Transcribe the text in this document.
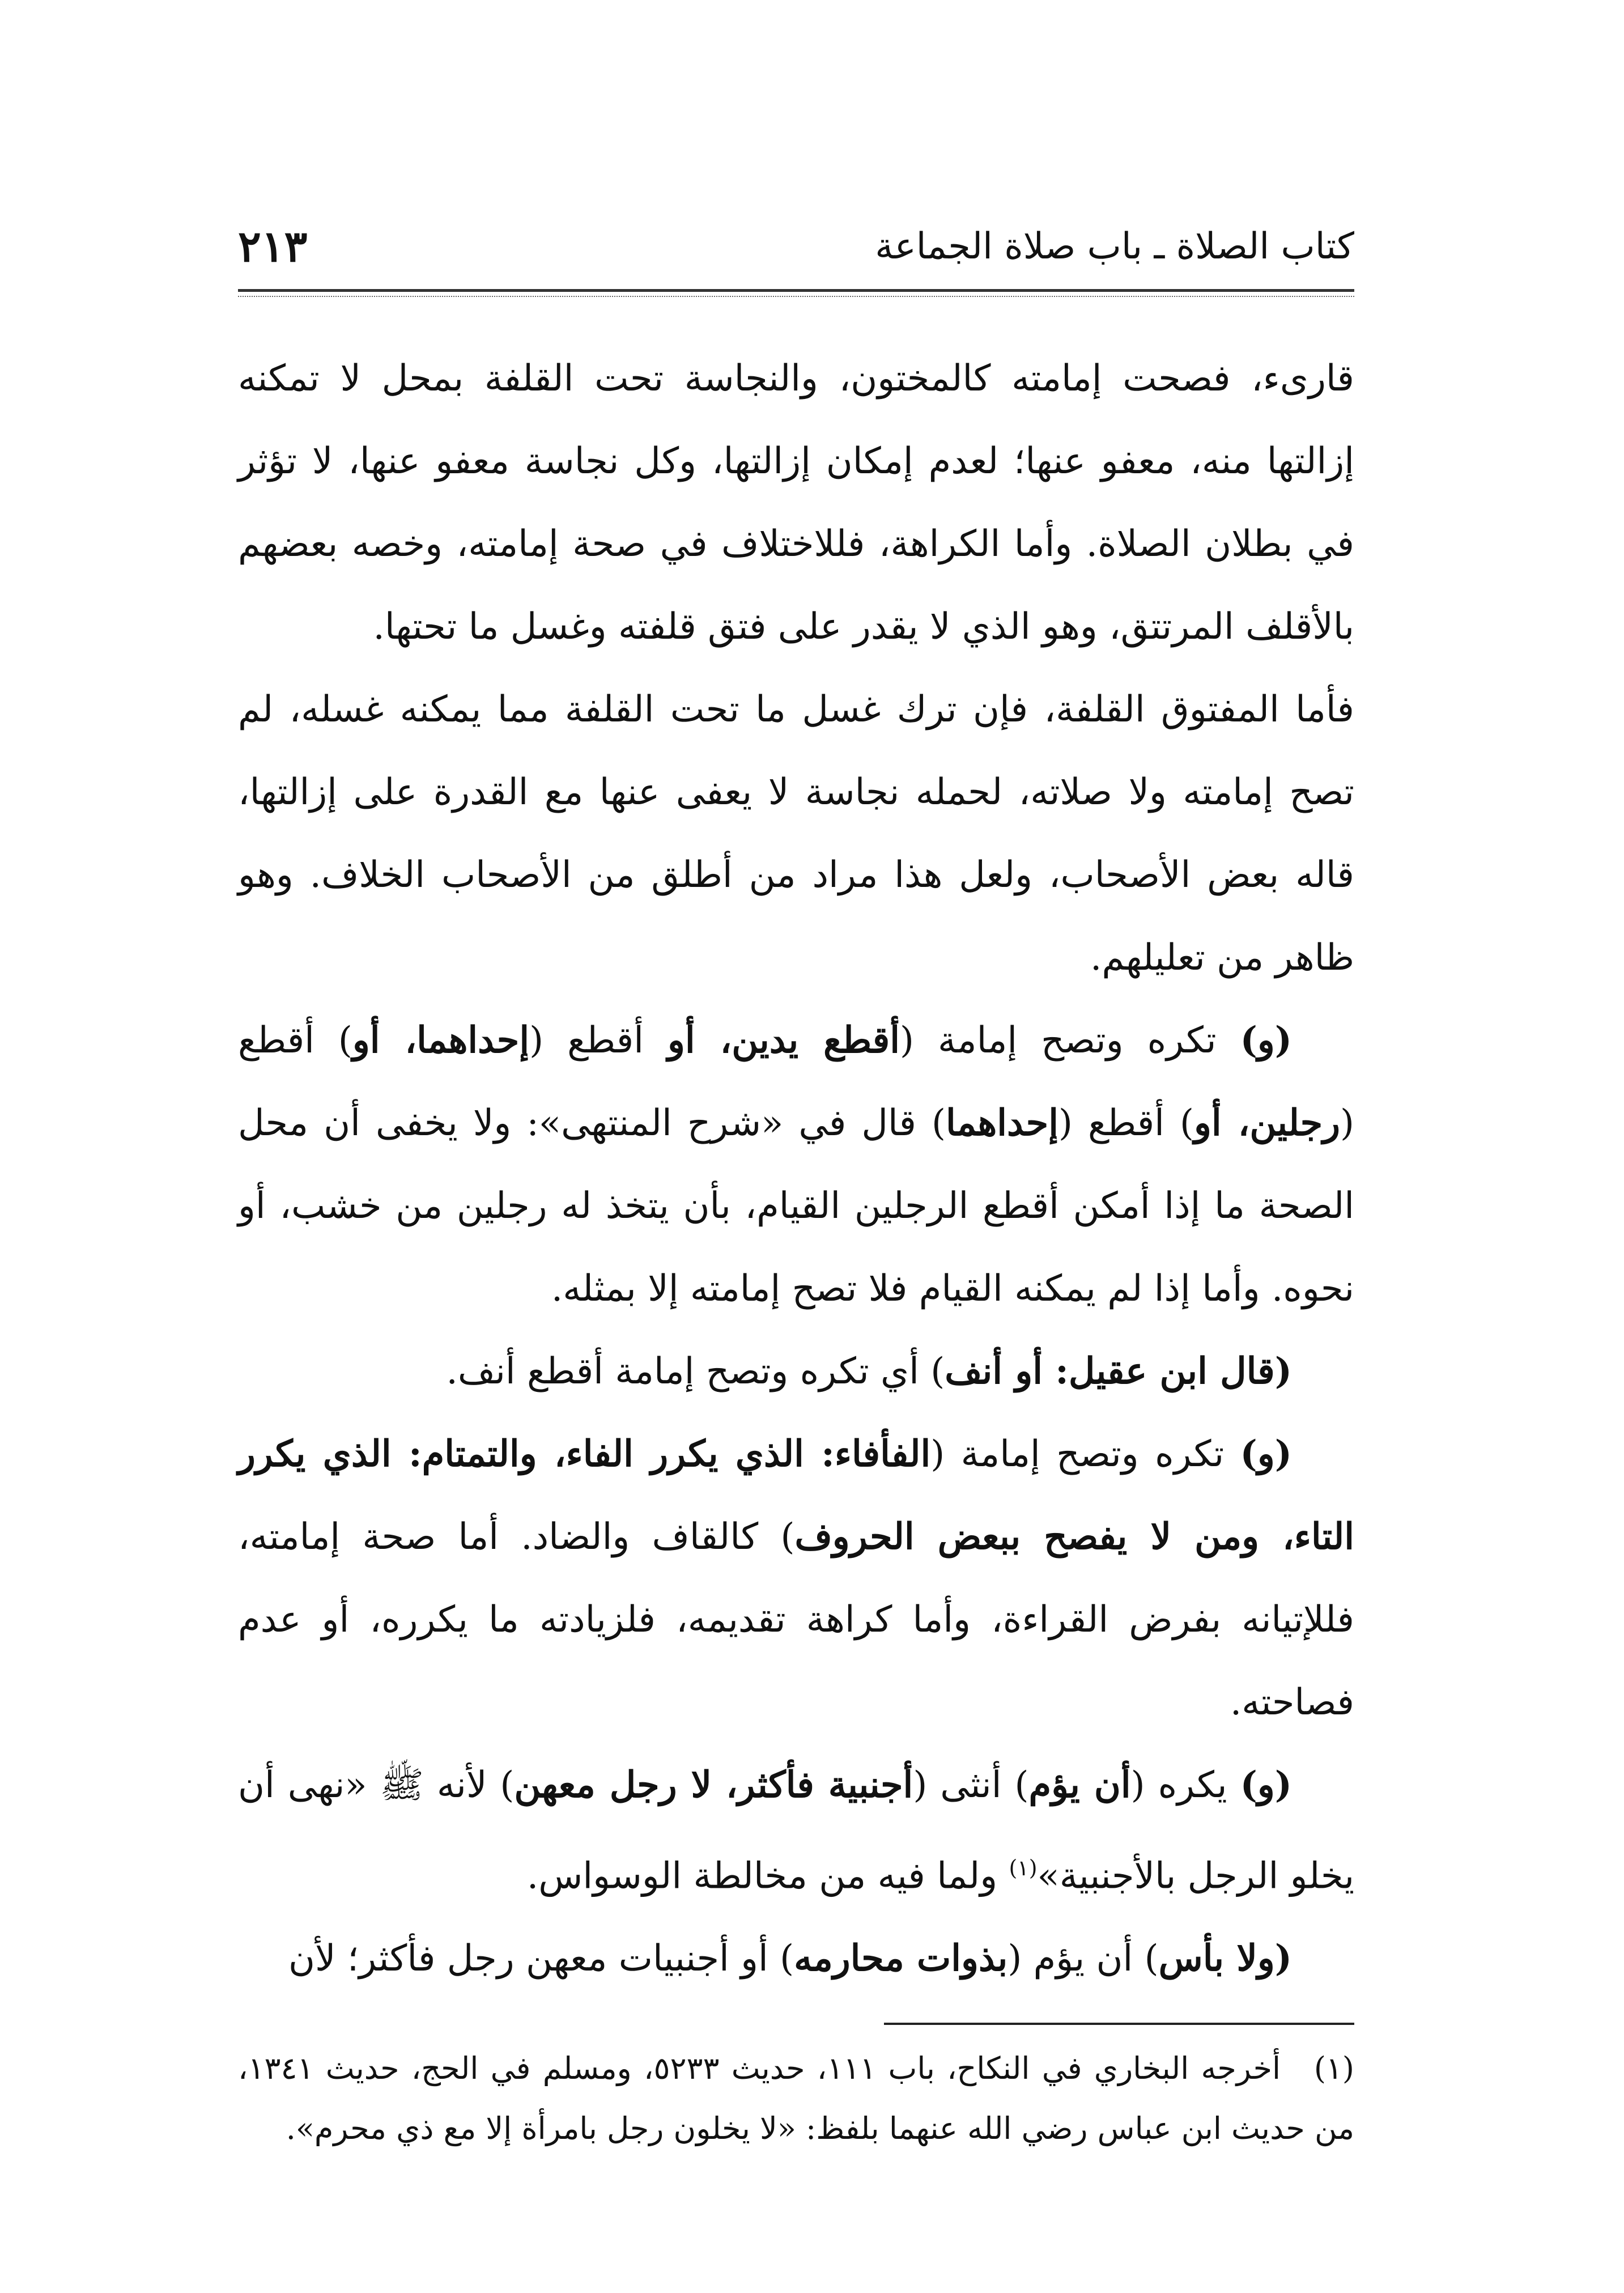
كتاب الصلاة ـ باب صلاة الجماعة
٢١٣

قارىء، فصحت إمامته كالمختون، والنجاسة تحت القلفة بمحل لا تمكنه إزالتها منه، معفو عنها؛ لعدم إمكان إزالتها، وكل نجاسة معفو عنها، لا تؤثر في بطلان الصلاة. وأما الكراهة، فللاختلاف في صحة إمامته، وخصه بعضهم بالأقلف المرتتق، وهو الذي لا يقدر على فتق قلفته وغسل ما تحتها.

فأما المفتوق القلفة، فإن ترك غسل ما تحت القلفة مما يمكنه غسله، لم تصح إمامته ولا صلاته، لحمله نجاسة لا يعفى عنها مع القدرة على إزالتها، قاله بعض الأصحاب، ولعل هذا مراد من أطلق من الأصحاب الخلاف. وهو ظاهر من تعليلهم.

(و) تكره وتصح إمامة (أقطع يدين، أو أقطع (إحداهما، أو) أقطع (رجلين، أو) أقطع (إحداهما) قال في «شرح المنتهى»: ولا يخفى أن محل الصحة ما إذا أمكن أقطع الرجلين القيام، بأن يتخذ له رجلين من خشب، أو نحوه. وأما إذا لم يمكنه القيام فلا تصح إمامته إلا بمثله.

(قال ابن عقيل: أو أنف) أي تكره وتصح إمامة أقطع أنف.

(و) تكره وتصح إمامة (الفأفاء: الذي يكرر الفاء، والتمتام: الذي يكرر التاء، ومن لا يفصح ببعض الحروف) كالقاف والضاد. أما صحة إمامته، فللإتيانه بفرض القراءة، وأما كراهة تقديمه، فلزيادته ما يكرره، أو عدم فصاحته.

(و) يكره (أن يؤم) أنثى (أجنبية فأكثر، لا رجل معهن) لأنه ﷺ «نهى أن يخلو الرجل بالأجنبية»$^{(١)}$ ولما فيه من مخالطة الوسواس.

(ولا بأس) أن يؤم (بذوات محارمه) أو أجنبيات معهن رجل فأكثر؛ لأن

(١)أخرجه البخاري في النكاح، باب ١١١، حديث ٥٢٣٣، ومسلم في الحج، حديث ١٣٤١، من حديث ابن عباس رضي الله عنهما بلفظ: «لا يخلون رجل بامرأة إلا مع ذي محرم».
